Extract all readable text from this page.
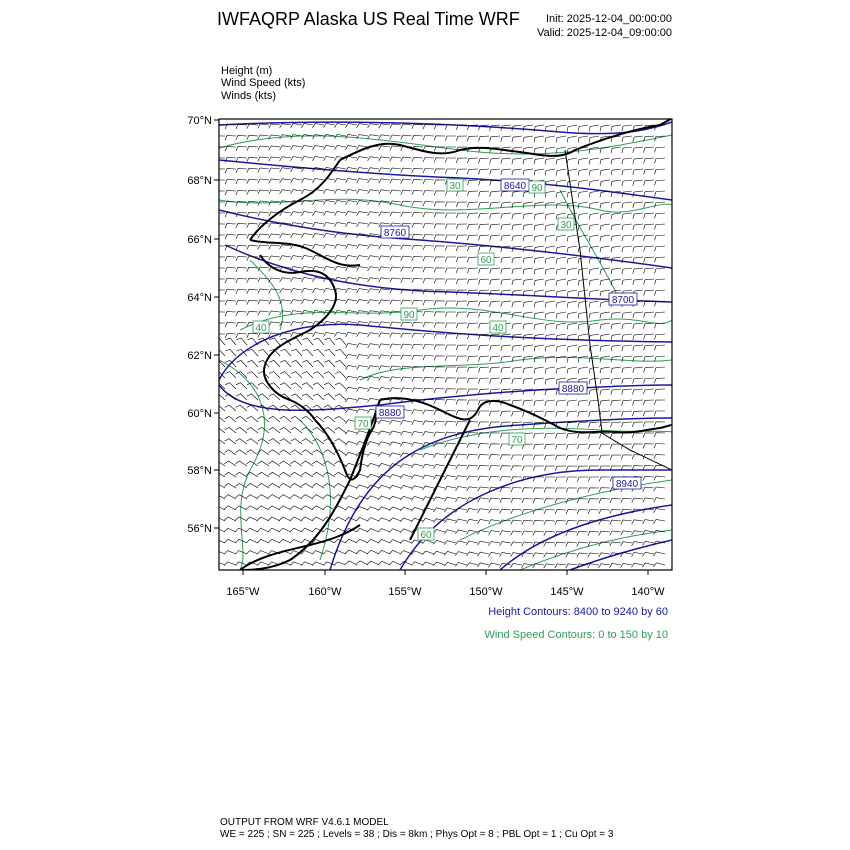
70°N
68°N
66°N
64°N
62°N
60°N
58°N
56°N
165°W	160°W	155°W	150°W	145°W	140°W
8640
8760
8700
8880
8880
8940
90
60
90
40	40
70
70
60
30
30
IWFAQRP Alaska US Real Time WRF Init: 2025-12-04_00:00:00
Valid: 2025-12-04_09:00:00
Height (m)
Wind Speed (kts)
Winds (kts)
Height Contours: 8400 to 9240 by 60
Wind Speed Contours: 0 to 150 by 10
OUTPUT FROM WRF V4.6.1 MODEL
WE = 225 ; SN = 225 ; Levels = 38 ; Dis = 8km ; Phys Opt = 8 ; PBL Opt = 1 ; Cu Opt = 3
